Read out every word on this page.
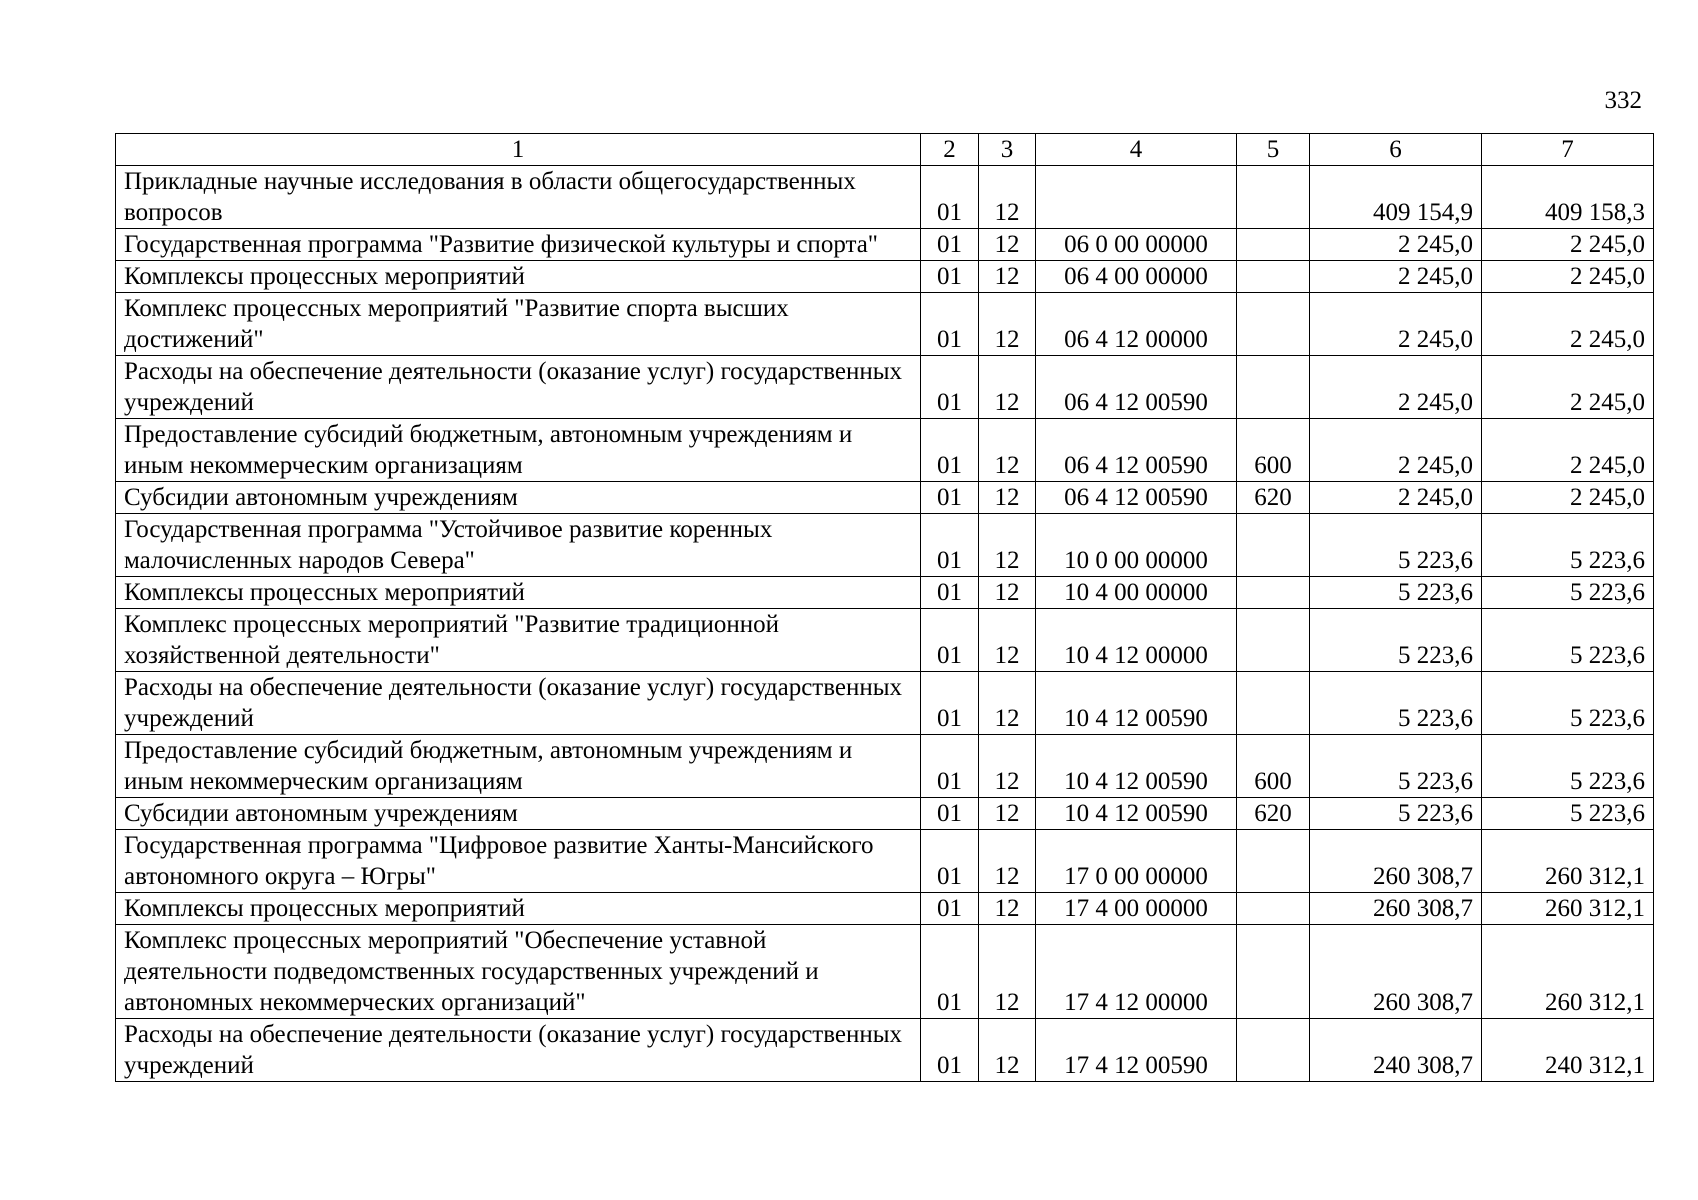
332
1	2	3	4	5	6	7
Прикладные научные исследования в области общегосударственных вопросов	01	12			409 154,9	409 158,3
Государственная программа "Развитие физической культуры и спорта"	01	12	06 0 00 00000		2 245,0	2 245,0
Комплексы процессных мероприятий	01	12	06 4 00 00000		2 245,0	2 245,0
Комплекс процессных мероприятий "Развитие спорта высших достижений"	01	12	06 4 12 00000		2 245,0	2 245,0
Расходы на обеспечение деятельности (оказание услуг) государственных учреждений	01	12	06 4 12 00590		2 245,0	2 245,0
Предоставление субсидий бюджетным, автономным учреждениям и иным некоммерческим организациям	01	12	06 4 12 00590	600	2 245,0	2 245,0
Субсидии автономным учреждениям	01	12	06 4 12 00590	620	2 245,0	2 245,0
Государственная программа "Устойчивое развитие коренных малочисленных народов Севера"	01	12	10 0 00 00000		5 223,6	5 223,6
Комплексы процессных мероприятий	01	12	10 4 00 00000		5 223,6	5 223,6
Комплекс процессных мероприятий "Развитие традиционной хозяйственной деятельности"	01	12	10 4 12 00000		5 223,6	5 223,6
Расходы на обеспечение деятельности (оказание услуг) государственных учреждений	01	12	10 4 12 00590		5 223,6	5 223,6
Предоставление субсидий бюджетным, автономным учреждениям и иным некоммерческим организациям	01	12	10 4 12 00590	600	5 223,6	5 223,6
Субсидии автономным учреждениям	01	12	10 4 12 00590	620	5 223,6	5 223,6
Государственная программа "Цифровое развитие Ханты-Мансийского автономного округа – Югры"	01	12	17 0 00 00000		260 308,7	260 312,1
Комплексы процессных мероприятий	01	12	17 4 00 00000		260 308,7	260 312,1
Комплекс процессных мероприятий "Обеспечение уставной деятельности подведомственных государственных учреждений и автономных некоммерческих организаций"	01	12	17 4 12 00000		260 308,7	260 312,1
Расходы на обеспечение деятельности (оказание услуг) государственных учреждений	01	12	17 4 12 00590		240 308,7	240 312,1
